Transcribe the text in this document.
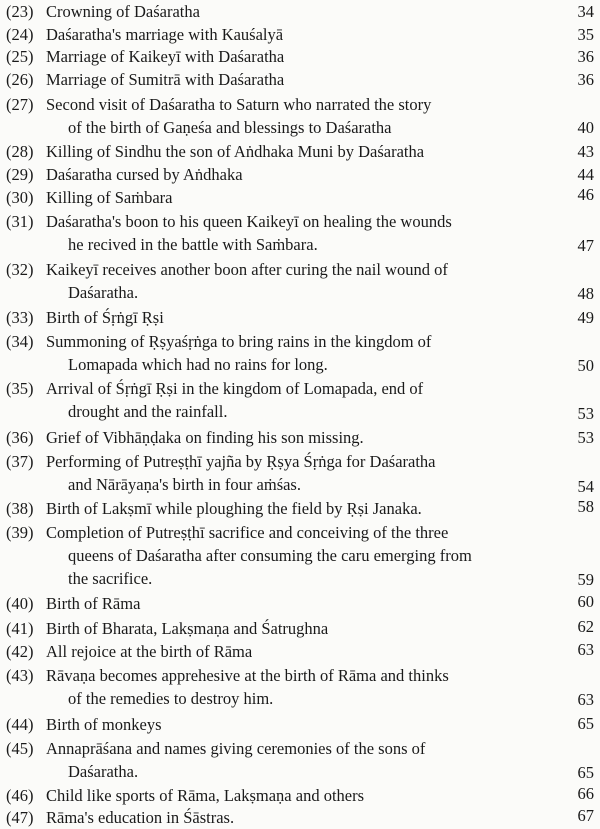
(23) Crowning of Daśaratha	34
(24) Daśaratha's marriage with Kauśalyā	35
(25) Marriage of Kaikeyī with Daśaratha	36
(26) Marriage of Sumitrā with Daśaratha	36
(27) Second visit of Daśaratha to Saturn who narrated the story
of the birth of Gaṇeśa and blessings to Daśaratha	40
(28) Killing of Sindhu the son of Aṅdhaka Muni by Daśaratha	43
(29) Daśaratha cursed by Aṅdhaka	44
(30) Killing of Saṁbara	46
(31) Daśaratha's boon to his queen Kaikeyī on healing the wounds
he recived in the battle with Saṁbara.	47
(32) Kaikeyī receives another boon after curing the nail wound of
Daśaratha.	48
(33) Birth of Śṛṅgī Ṛṣi	49
(34) Summoning of Ṛṣyaśṛṅga to bring rains in the kingdom of
Lomapada which had no rains for long.	50
(35) Arrival of Śṛṅgī Ṛṣi in the kingdom of Lomapada, end of
drought and the rainfall.	53
(36) Grief of Vibhāṇḍaka on finding his son missing.	53
(37) Performing of Putreṣṭhī yajña by Ṛṣya Śṛṅga for Daśaratha
and Nārāyaṇa's birth in four aṁśas.	54
(38) Birth of Lakṣmī while ploughing the field by Ṛṣi Janaka.	58
(39) Completion of Putreṣṭhī sacrifice and conceiving of the three
queens of Daśaratha after consuming the caru emerging from
the sacrifice.	59
(40) Birth of Rāma	60
(41) Birth of Bharata, Lakṣmaṇa and Śatrughna	62
(42) All rejoice at the birth of Rāma	63
(43) Rāvaṇa becomes apprehesive at the birth of Rāma and thinks
of the remedies to destroy him.	63
(44) Birth of monkeys	65
(45) Annaprāśana and names giving ceremonies of the sons of
Daśaratha.	65
(46) Child like sports of Rāma, Lakṣmaṇa and others	66
(47) Rāma's education in Śāstras.	67
